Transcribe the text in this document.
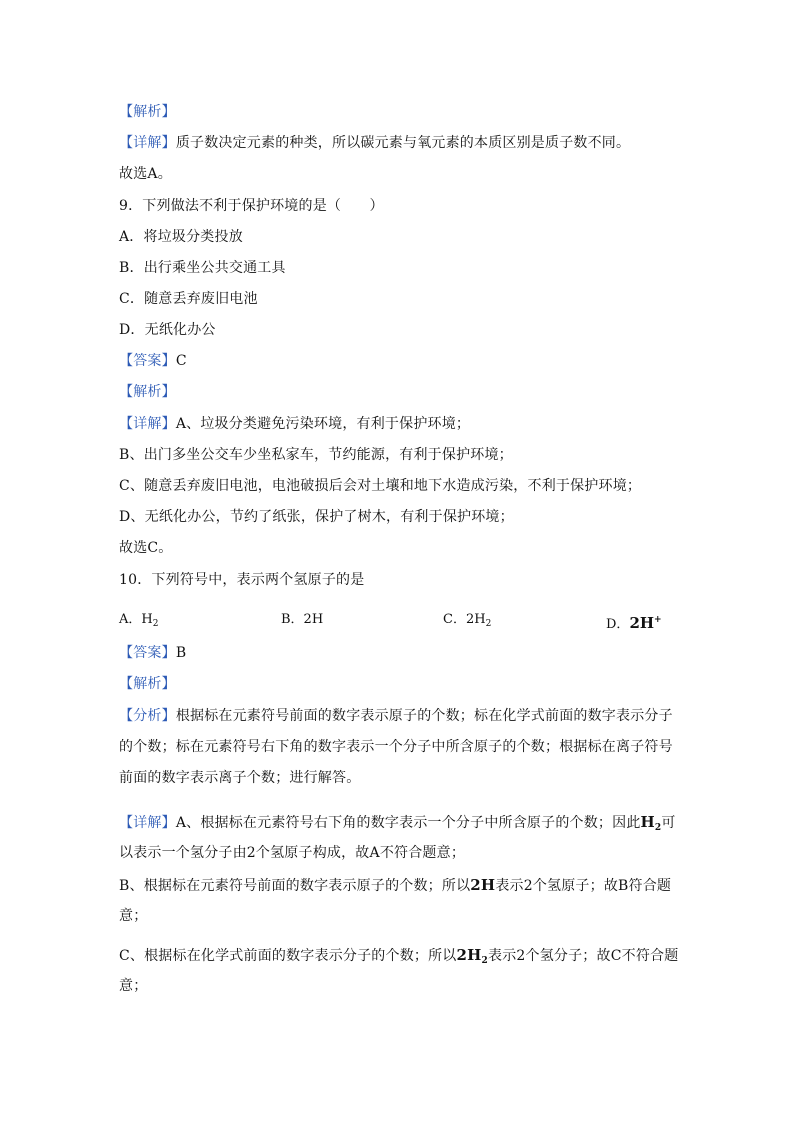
【解析】
【详解】质子数决定元素的种类，所以碳元素与氧元素的本质区别是质子数不同。
故选A。
9．下列做法不利于保护环境的是（　　）
A．将垃圾分类投放
B．出行乘坐公共交通工具
C．随意丢弃废旧电池
D．无纸化办公
【答案】C
【解析】
【详解】A、垃圾分类避免污染环境，有利于保护环境；
B、出门多坐公交车少坐私家车，节约能源，有利于保护环境；
C、随意丢弃废旧电池，电池破损后会对土壤和地下水造成污染，不利于保护环境；
D、无纸化办公，节约了纸张，保护了树木，有利于保护环境；
故选C。
10．下列符号中，表示两个氢原子的是
A．$H_2$	B．2H	C．$2H_2$	D．2H+
【答案】B
【解析】
【分析】根据标在元素符号前面的数字表示原子的个数；标在化学式前面的数字表示分子
的个数；标在元素符号右下角的数字表示一个分子中所含原子的个数；根据标在离子符号
前面的数字表示离子个数；进行解答。
【详解】A、根据标在元素符号右下角的数字表示一个分子中所含原子的个数；因此$H_2$可
以表示一个氢分子由2个氢原子构成，故A不符合题意；
B、根据标在元素符号前面的数字表示原子的个数；所以2H表示2个氢原子；故B符合题
意；
C、根据标在化学式前面的数字表示分子的个数；所以$2H_2$表示2个氢分子；故C不符合题
意；
